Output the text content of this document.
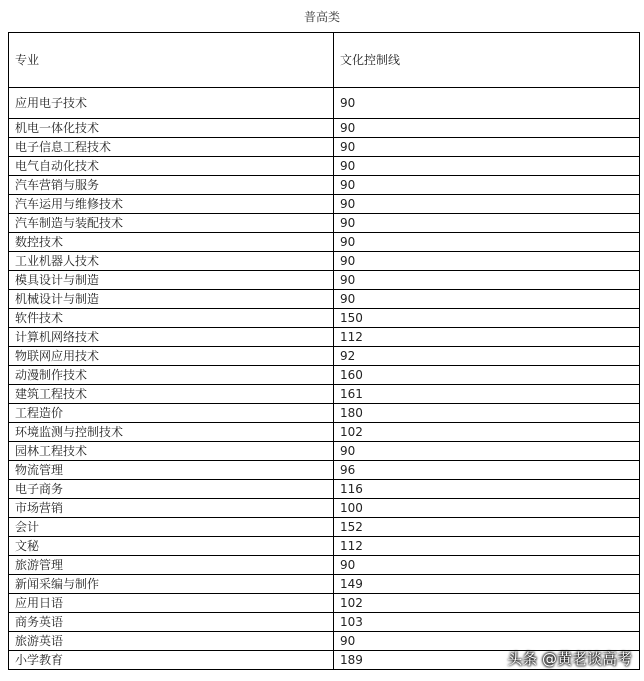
普高类
专业	文化控制线
应用电子技术	90
机电一体化技术	90
电子信息工程技术	90
电气自动化技术	90
汽车营销与服务	90
汽车运用与维修技术	90
汽车制造与装配技术	90
数控技术	90
工业机器人技术	90
模具设计与制造	90
机械设计与制造	90
软件技术	150
计算机网络技术	112
物联网应用技术	92
动漫制作技术	160
建筑工程技术	161
工程造价	180
环境监测与控制技术	102
园林工程技术	90
物流管理	96
电子商务	116
市场营销	100
会计	152
文秘	112
旅游管理	90
新闻采编与制作	149
应用日语	102
商务英语	103
旅游英语	90
小学教育	189	头条 @黄老谈高考
